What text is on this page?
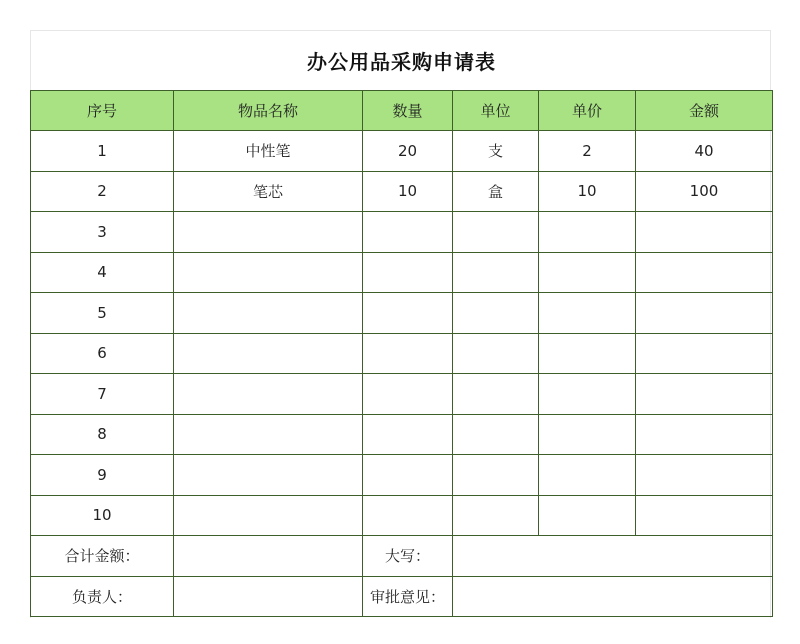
办公用品采购申请表
序号	物品名称	数量	单位	单价	金额
1	中性笔	20	支	2	40
2	笔芯	10	盒	10	100
3					
4					
5					
6					
7					
8					
9					
10					
合计金额：		大写：			
负责人：		审批意见：			
